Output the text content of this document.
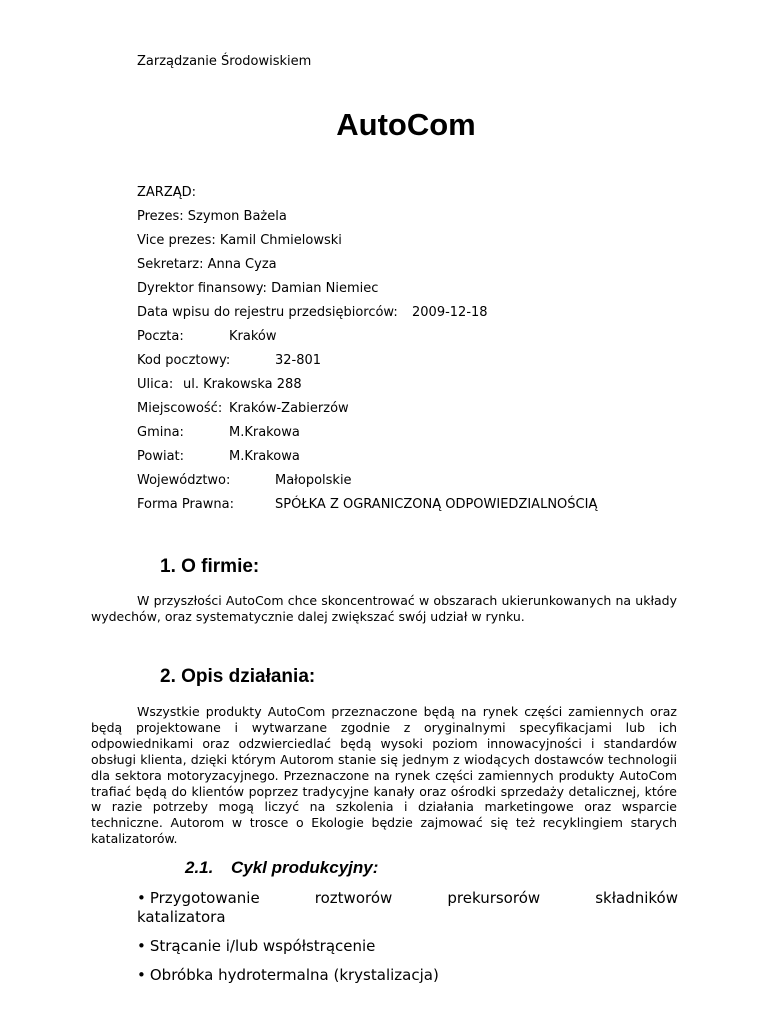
Zarządzanie Środowiskiem
AutoCom
ZARZĄD:
Prezes: Szymon Bażela
Vice prezes: Kamil Chmielowski
Sekretarz: Anna Cyza
Dyrektor finansowy: Damian Niemiec
Data wpisu do rejestru przedsiębiorców: 2009-12-18
Poczta:	Kraków
Kod pocztowy:	32-801
Ulica: ul. Krakowska 288
Miejscowość: Kraków-Zabierzów
Gmina:	M.Krakowa
Powiat:	M.Krakowa
Województwo:	Małopolskie
Forma Prawna:	SPÓŁKA Z OGRANICZONĄ ODPOWIEDZIALNOŚCIĄ
1. O firmie:

W przyszłości AutoCom chce skoncentrować w obszarach ukierunkowanych na układy wydechów, oraz systematycznie dalej zwiększać swój udział w rynku.

2. Opis działania:

Wszystkie produkty AutoCom przeznaczone będą na rynek części zamiennych oraz będą projektowane i wytwarzane zgodnie z oryginalnymi specyfikacjami lub ich odpowiednikami oraz odzwierciedlać będą wysoki poziom innowacyjności i standardów obsługi klienta, dzięki którym Autorom stanie się jednym z wiodących dostawców technologii dla sektora motoryzacyjnego. Przeznaczone na rynek części zamiennych produkty AutoCom trafiać będą do klientów poprzez tradycyjne kanały oraz ośrodki sprzedaży detalicznej, które w razie potrzeby mogą liczyć na szkolenia i działania marketingowe oraz wsparcie techniczne. Autorom w trosce o Ekologie będzie zajmować się też recyklingiem starych katalizatorów.

2.1. Cykl produkcyjny:
• Przygotowanie	roztworów	prekursorów	składników
katalizatora
• Strącanie i/lub współstrącenie
• Obróbka hydrotermalna (krystalizacja)
